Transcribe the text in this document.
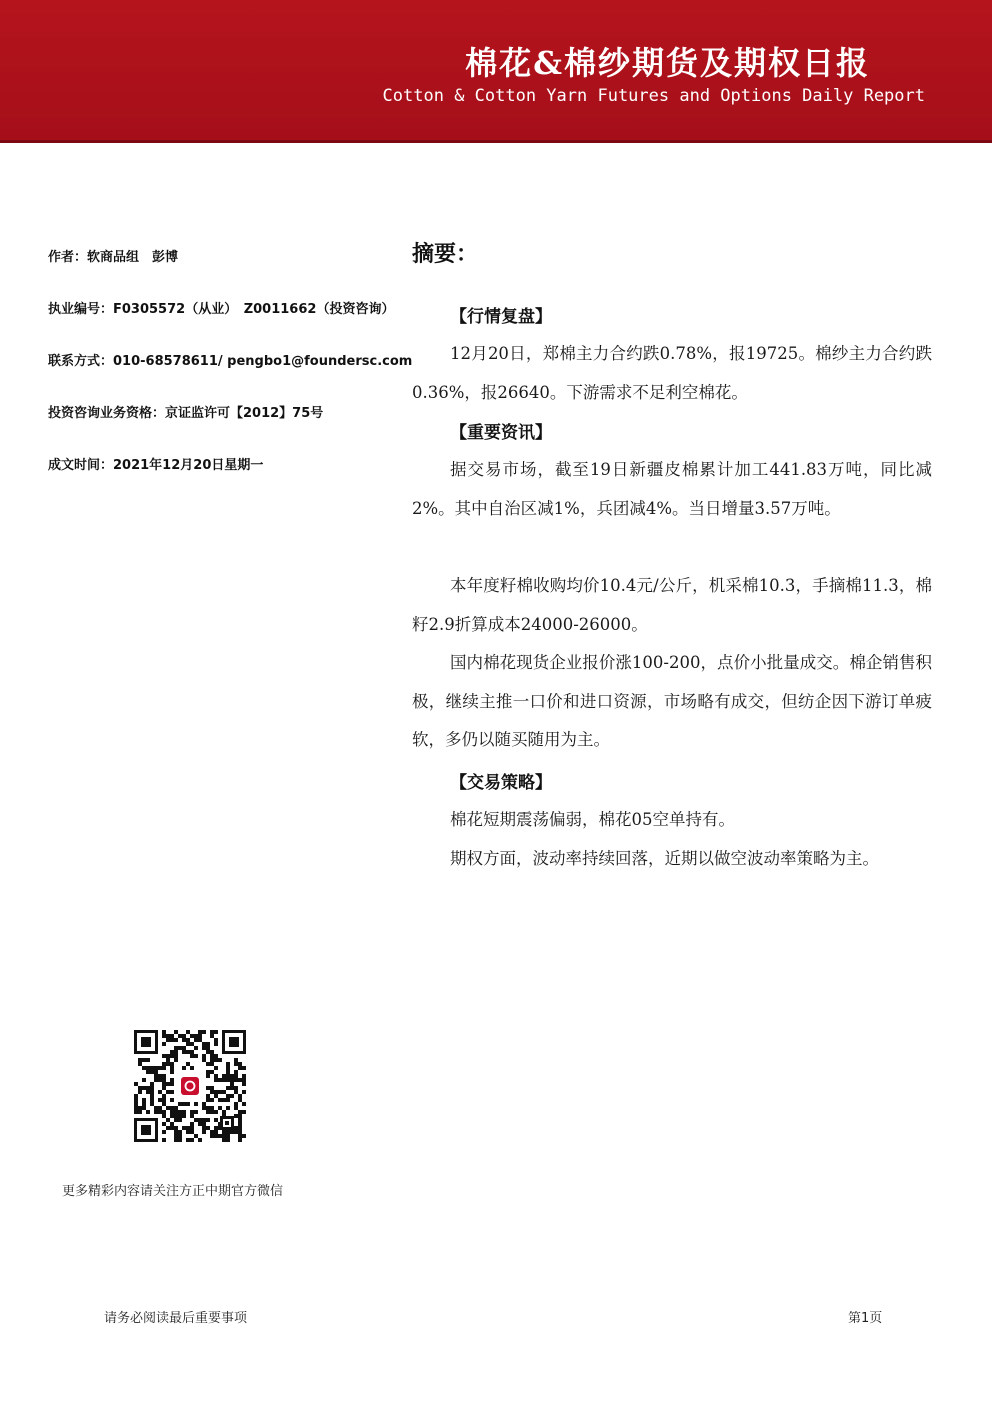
棉花&棉纱期货及期权日报
Cotton & Cotton Yarn Futures and Options Daily Report
作者：软商品组　彭博
执业编号：F0305572（从业）　Z0011662（投资咨询）
联系方式：010-68578611/ pengbo1@foundersc.com
投资咨询业务资格：京证监许可【2012】75号
成文时间：2021年12月20日星期一
摘要：
【行情复盘】

12月20日，郑棉主力合约跌0.78%，报19725。棉纱主力合约跌0.36%，报26640。下游需求不足利空棉花。

【重要资讯】

据交易市场，截至19日新疆皮棉累计加工441.83万吨，同比减2%。其中自治区减1%，兵团减4%。当日增量3.57万吨。

本年度籽棉收购均价10.4元/公斤，机采棉10.3，手摘棉11.3，棉籽2.9折算成本24000-26000。

国内棉花现货企业报价涨100-200，点价小批量成交。棉企销售积极，继续主推一口价和进口资源，市场略有成交，但纺企因下游订单疲软，多仍以随买随用为主。

【交易策略】

棉花短期震荡偏弱，棉花05空单持有。

期权方面，波动率持续回落，近期以做空波动率策略为主。

更多精彩内容请关注方正中期官方微信
请务必阅读最后重要事项	第1页
